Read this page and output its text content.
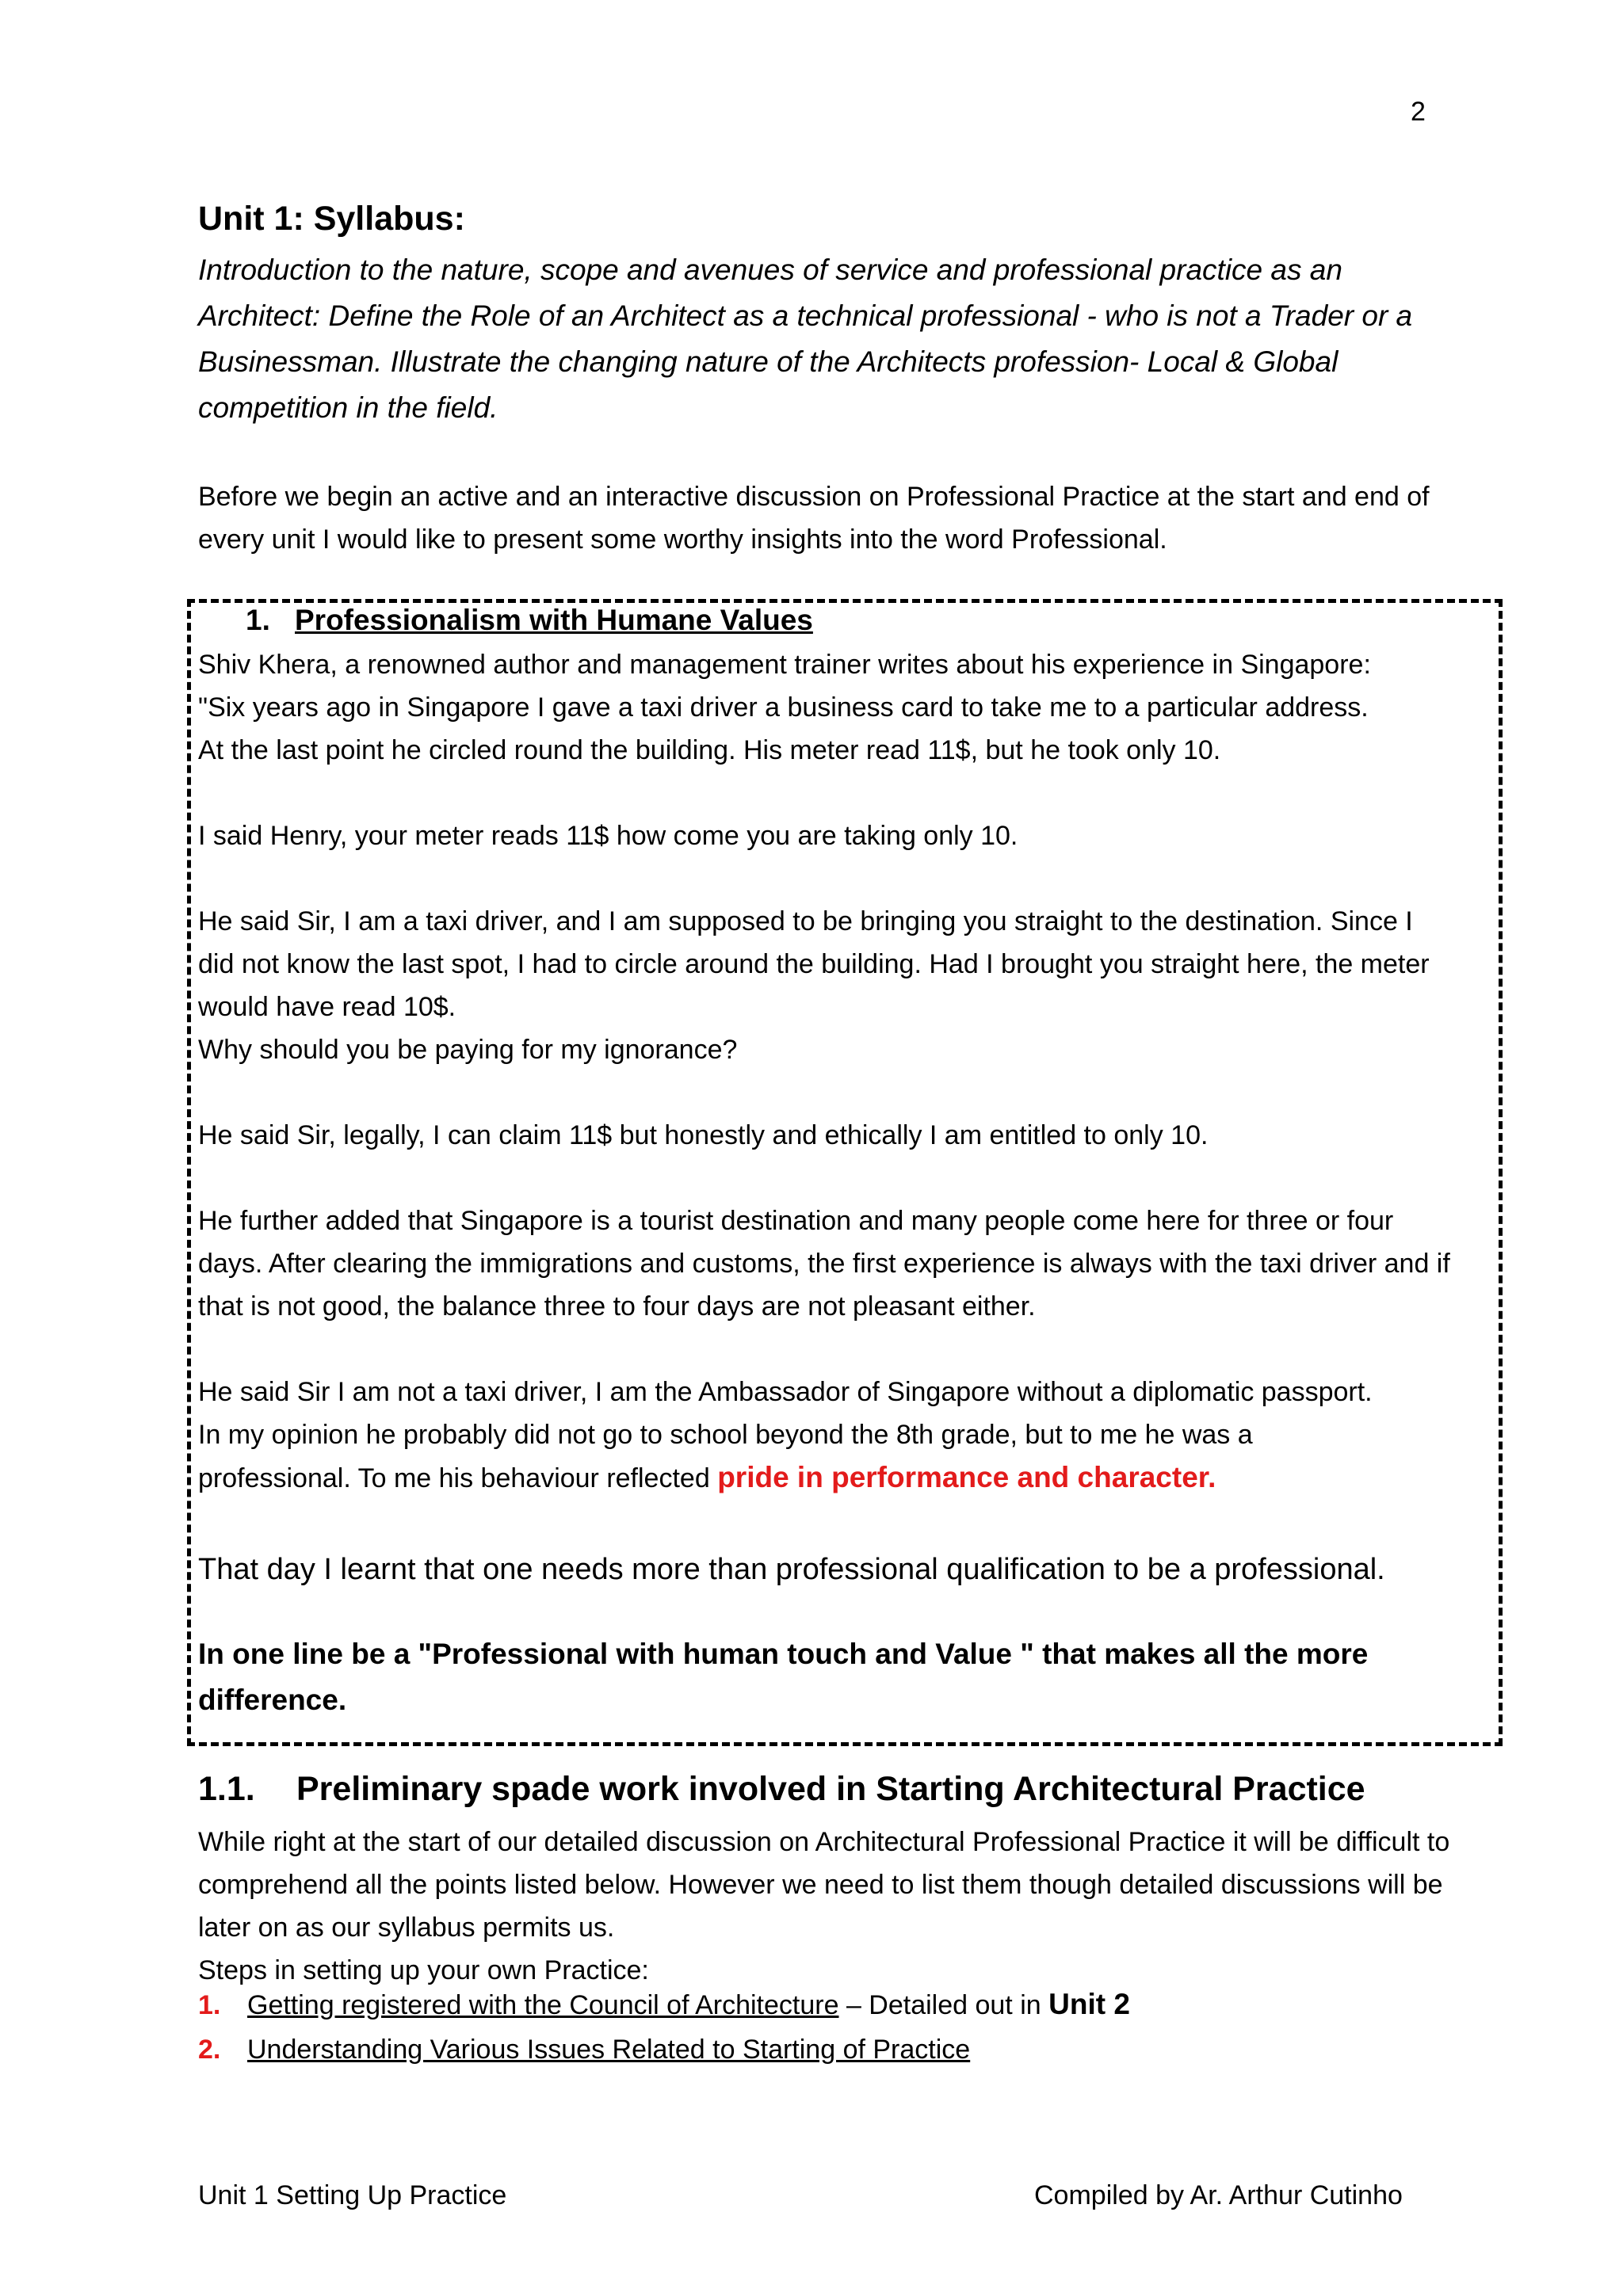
2
Unit 1: Syllabus:

Introduction to the nature, scope and avenues of service and professional practice as an Architect: Define the Role of an Architect as a technical professional - who is not a Trader or a Businessman. Illustrate the changing nature of the Architects profession- Local & Global competition in the field.

Before we begin an active and an interactive discussion on Professional Practice at the start and end of every unit I would like to present some worthy insights into the word Professional.

1. Professionalism with Humane Values

Shiv Khera, a renowned author and management trainer writes about his experience in Singapore:

"Six years ago in Singapore I gave a taxi driver a business card to take me to a particular address.

At the last point he circled round the building. His meter read 11$, but he took only 10.

I said Henry, your meter reads 11$ how come you are taking only 10.

He said Sir, I am a taxi driver, and I am supposed to be bringing you straight to the destination. Since I did not know the last spot, I had to circle around the building. Had I brought you straight here, the meter would have read 10$.

Why should you be paying for my ignorance?

He said Sir, legally, I can claim 11$ but honestly and ethically I am entitled to only 10.

He further added that Singapore is a tourist destination and many people come here for three or four days. After clearing the immigrations and customs, the first experience is always with the taxi driver and if that is not good, the balance three to four days are not pleasant either.

He said Sir I am not a taxi driver, I am the Ambassador of Singapore without a diplomatic passport.

In my opinion he probably did not go to school beyond the 8th grade, but to me he was a

professional. To me his behaviour reflected pride in performance and character.

That day I learnt that one needs more than professional qualification to be a professional.

In one line be a "Professional with human touch and Value " that makes all the more difference.

1.1. Preliminary spade work involved in Starting Architectural Practice

While right at the start of our detailed discussion on Architectural Professional Practice it will be difficult to comprehend all the points listed below. However we need to list them though detailed discussions will be later on as our syllabus permits us.
Steps in setting up your own Practice:

1. Getting registered with the Council of Architecture – Detailed out in Unit 2
2. Understanding Various Issues Related to Starting of Practice
Unit 1 Setting Up Practice	Compiled by Ar. Arthur Cutinho
